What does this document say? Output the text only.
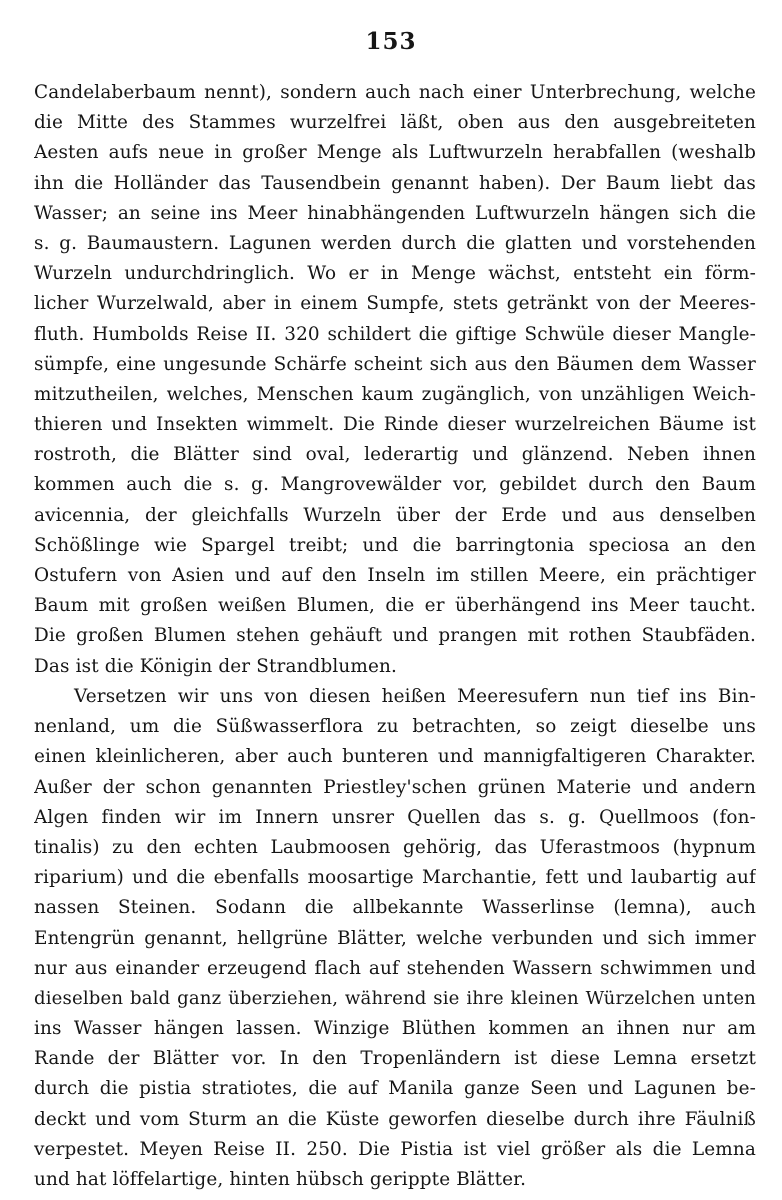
153
Candelaberbaum nennt), sondern auch nach einer Unterbrechung, welche
die Mitte des Stammes wurzelfrei läßt, oben aus den ausgebreiteten
Aesten aufs neue in großer Menge als Luftwurzeln herabfallen (weshalb
ihn die Holländer das Tausendbein genannt haben). Der Baum liebt das
Wasser; an seine ins Meer hinabhängenden Luftwurzeln hängen sich die
s. g. Baumaustern. Lagunen werden durch die glatten und vorstehenden
Wurzeln undurchdringlich. Wo er in Menge wächst, entsteht ein förm-
licher Wurzelwald, aber in einem Sumpfe, stets getränkt von der Meeres-
fluth. Humbolds Reise II. 320 schildert die giftige Schwüle dieser Mangle-
sümpfe, eine ungesunde Schärfe scheint sich aus den Bäumen dem Wasser
mitzutheilen, welches, Menschen kaum zugänglich, von unzähligen Weich-
thieren und Insekten wimmelt. Die Rinde dieser wurzelreichen Bäume ist
rostroth, die Blätter sind oval, lederartig und glänzend. Neben ihnen
kommen auch die s. g. Mangrovewälder vor, gebildet durch den Baum
avicennia, der gleichfalls Wurzeln über der Erde und aus denselben
Schößlinge wie Spargel treibt; und die barringtonia speciosa an den
Ostufern von Asien und auf den Inseln im stillen Meere, ein prächtiger
Baum mit großen weißen Blumen, die er überhängend ins Meer taucht.
Die großen Blumen stehen gehäuft und prangen mit rothen Staubfäden.
Das ist die Königin der Strandblumen.
Versetzen wir uns von diesen heißen Meeresufern nun tief ins Bin-
nenland, um die Süßwasserflora zu betrachten, so zeigt dieselbe uns
einen kleinlicheren, aber auch bunteren und mannigfaltigeren Charakter.
Außer der schon genannten Priestley'schen grünen Materie und andern
Algen finden wir im Innern unsrer Quellen das s. g. Quellmoos (fon-
tinalis) zu den echten Laubmoosen gehörig, das Uferastmoos (hypnum
riparium) und die ebenfalls moosartige Marchantie, fett und laubartig auf
nassen Steinen. Sodann die allbekannte Wasserlinse (lemna), auch
Entengrün genannt, hellgrüne Blätter, welche verbunden und sich immer
nur aus einander erzeugend flach auf stehenden Wassern schwimmen und
dieselben bald ganz überziehen, während sie ihre kleinen Würzelchen unten
ins Wasser hängen lassen. Winzige Blüthen kommen an ihnen nur am
Rande der Blätter vor. In den Tropenländern ist diese Lemna ersetzt
durch die pistia stratiotes, die auf Manila ganze Seen und Lagunen be-
deckt und vom Sturm an die Küste geworfen dieselbe durch ihre Fäulniß
verpestet. Meyen Reise II. 250. Die Pistia ist viel größer als die Lemna
und hat löffelartige, hinten hübsch gerippte Blätter.
